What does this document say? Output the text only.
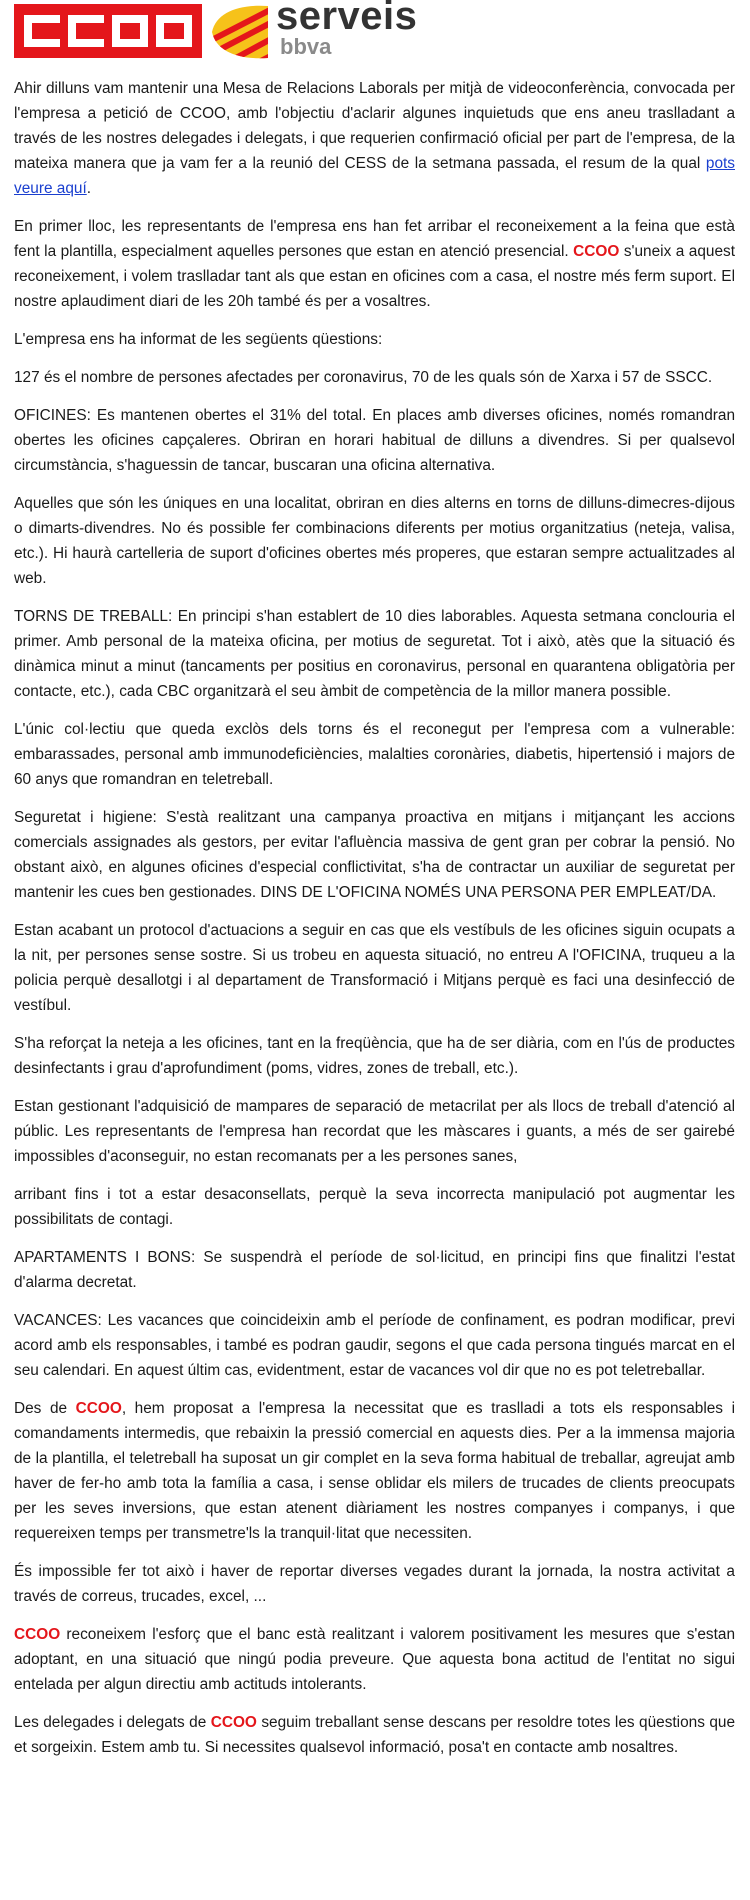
serveis
bbva

Ahir dilluns vam mantenir una Mesa de Relacions Laborals per mitjà de videoconferència, convocada per l'empresa a petició de CCOO, amb l'objectiu d'aclarir algunes inquietuds que ens aneu traslladant a través de les nostres delegades i delegats, i que requerien confirmació oficial per part de l'empresa, de la mateixa manera que ja vam fer a la reunió del CESS de la setmana passada, el resum de la qual pots veure aquí.

En primer lloc, les representants de l'empresa ens han fet arribar el reconeixement a la feina que està fent la plantilla, especialment aquelles persones que estan en atenció presencial. CCOO s'uneix a aquest reconeixement, i volem traslladar tant als que estan en oficines com a casa, el nostre més ferm suport. El nostre aplaudiment diari de les 20h també és per a vosaltres.

L'empresa ens ha informat de les següents qüestions:

127 és el nombre de persones afectades per coronavirus, 70 de les quals són de Xarxa i 57 de SSCC.

OFICINES: Es mantenen obertes el 31% del total. En places amb diverses oficines, només romandran obertes les oficines capçaleres. Obriran en horari habitual de dilluns a divendres. Si per qualsevol circumstància, s'haguessin de tancar, buscaran una oficina alternativa.

Aquelles que són les úniques en una localitat, obriran en dies alterns en torns de dilluns-dimecres-dijous o dimarts-divendres. No és possible fer combinacions diferents per motius organitzatius (neteja, valisa, etc.). Hi haurà cartelleria de suport d'oficines obertes més properes, que estaran sempre actualitzades al web.

TORNS DE TREBALL: En principi s'han establert de 10 dies laborables. Aquesta setmana conclouria el primer. Amb personal de la mateixa oficina, per motius de seguretat. Tot i això, atès que la situació és dinàmica minut a minut (tancaments per positius en coronavirus, personal en quarantena obligatòria per contacte, etc.), cada CBC organitzarà el seu àmbit de competència de la millor manera possible.

L'únic col·lectiu que queda exclòs dels torns és el reconegut per l'empresa com a vulnerable: embarassades, personal amb immunodeficiències, malalties coronàries, diabetis, hipertensió i majors de 60 anys que romandran en teletreball.

Seguretat i higiene: S'està realitzant una campanya proactiva en mitjans i mitjançant les accions comercials assignades als gestors, per evitar l'afluència massiva de gent gran per cobrar la pensió. No obstant això, en algunes oficines d'especial conflictivitat, s'ha de contractar un auxiliar de seguretat per mantenir les cues ben gestionades. DINS DE L'OFICINA NOMÉS UNA PERSONA PER EMPLEAT/DA.

Estan acabant un protocol d'actuacions a seguir en cas que els vestíbuls de les oficines siguin ocupats a la nit, per persones sense sostre. Si us trobeu en aquesta situació, no entreu A l'OFICINA, truqueu a la policia perquè desallotgi i al departament de Transformació i Mitjans perquè es faci una desinfecció de vestíbul.

S'ha reforçat la neteja a les oficines, tant en la freqüència, que ha de ser diària, com en l'ús de productes desinfectants i grau d'aprofundiment (poms, vidres, zones de treball, etc.).

Estan gestionant l'adquisició de mampares de separació de metacrilat per als llocs de treball d'atenció al públic. Les representants de l'empresa han recordat que les màscares i guants, a més de ser gairebé impossibles d'aconseguir, no estan recomanats per a les persones sanes,

arribant fins i tot a estar desaconsellats, perquè la seva incorrecta manipulació pot augmentar les possibilitats de contagi.

APARTAMENTS I BONS: Se suspendrà el període de sol·licitud, en principi fins que finalitzi l'estat d'alarma decretat.

VACANCES: Les vacances que coincideixin amb el període de confinament, es podran modificar, previ acord amb els responsables, i també es podran gaudir, segons el que cada persona tingués marcat en el seu calendari. En aquest últim cas, evidentment, estar de vacances vol dir que no es pot teletreballar.

Des de CCOO, hem proposat a l'empresa la necessitat que es traslladi a tots els responsables i comandaments intermedis, que rebaixin la pressió comercial en aquests dies. Per a la immensa majoria de la plantilla, el teletreball ha suposat un gir complet en la seva forma habitual de treballar, agreujat amb haver de fer-ho amb tota la família a casa, i sense oblidar els milers de trucades de clients preocupats per les seves inversions, que estan atenent diàriament les nostres companyes i companys, i que requereixen temps per transmetre'ls la tranquil·litat que necessiten.

És impossible fer tot això i haver de reportar diverses vegades durant la jornada, la nostra activitat a través de correus, trucades, excel, ...

CCOO reconeixem l'esforç que el banc està realitzant i valorem positivament les mesures que s'estan adoptant, en una situació que ningú podia preveure. Que aquesta bona actitud de l'entitat no sigui entelada per algun directiu amb actituds intolerants.

Les delegades i delegats de CCOO seguim treballant sense descans per resoldre totes les qüestions que et sorgeixin. Estem amb tu. Si necessites qualsevol informació, posa't en contacte amb nosaltres.
